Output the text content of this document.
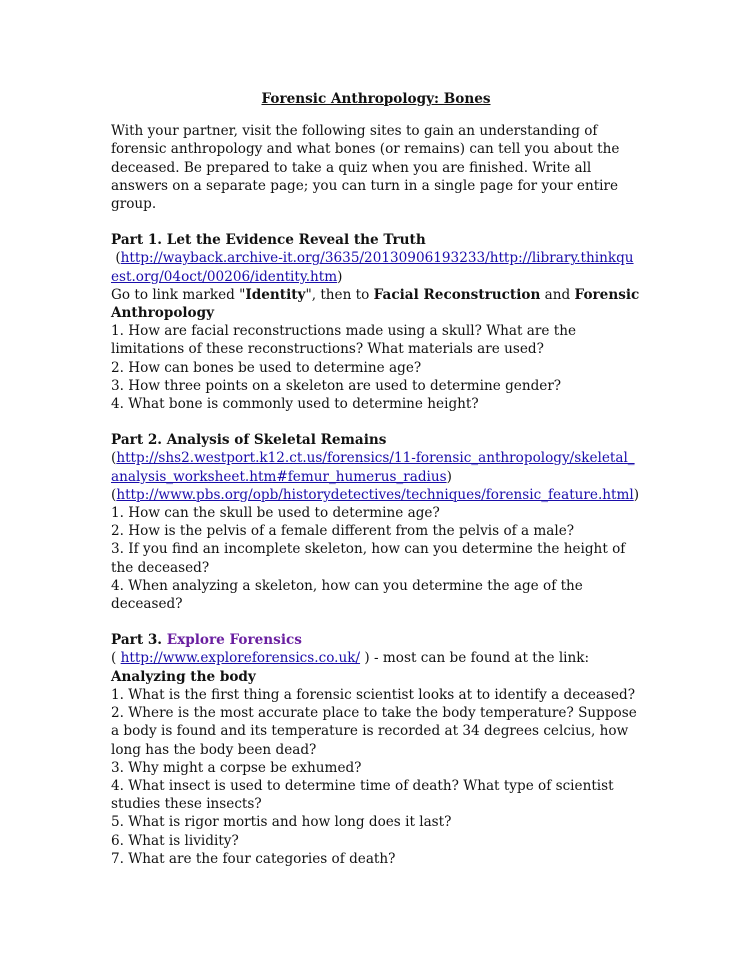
Forensic Anthropology: Bones

With your partner, visit the following sites to gain an understanding of forensic anthropology and what bones (or remains) can tell you about the deceased. Be prepared to take a quiz when you are finished. Write all answers on a separate page; you can turn in a single page for your entire group.

Part 1. Let the Evidence Reveal the Truth

(http://wayback.archive-it.org/3635/20130906193233/http://library.thinkquest.org/04oct/00206/identity.htm)

Go to link marked "Identity", then to Facial Reconstruction and Forensic Anthropology

1. How are facial reconstructions made using a skull? What are the limitations of these reconstructions? What materials are used?

2. How can bones be used to determine age?

3. How three points on a skeleton are used to determine gender?

4. What bone is commonly used to determine height?

Part 2. Analysis of Skeletal Remains

(http://shs2.westport.k12.ct.us/forensics/11-forensic_anthropology/skeletal_analysis_worksheet.htm#femur_humerus_radius)

(http://www.pbs.org/opb/historydetectives/techniques/forensic_feature.html)

1. How can the skull be used to determine age?

2. How is the pelvis of a female different from the pelvis of a male?

3. If you find an incomplete skeleton, how can you determine the height of the deceased?

4. When analyzing a skeleton, how can you determine the age of the deceased?

Part 3. Explore Forensics

( http://www.exploreforensics.co.uk/ ) - most can be found at the link: Analyzing the body

1. What is the first thing a forensic scientist looks at to identify a deceased?

2. Where is the most accurate place to take the body temperature? Suppose a body is found and its temperature is recorded at 34 degrees celcius, how long has the body been dead?

3. Why might a corpse be exhumed?

4. What insect is used to determine time of death? What type of scientist studies these insects?

5. What is rigor mortis and how long does it last?

6. What is lividity?

7. What are the four categories of death?
